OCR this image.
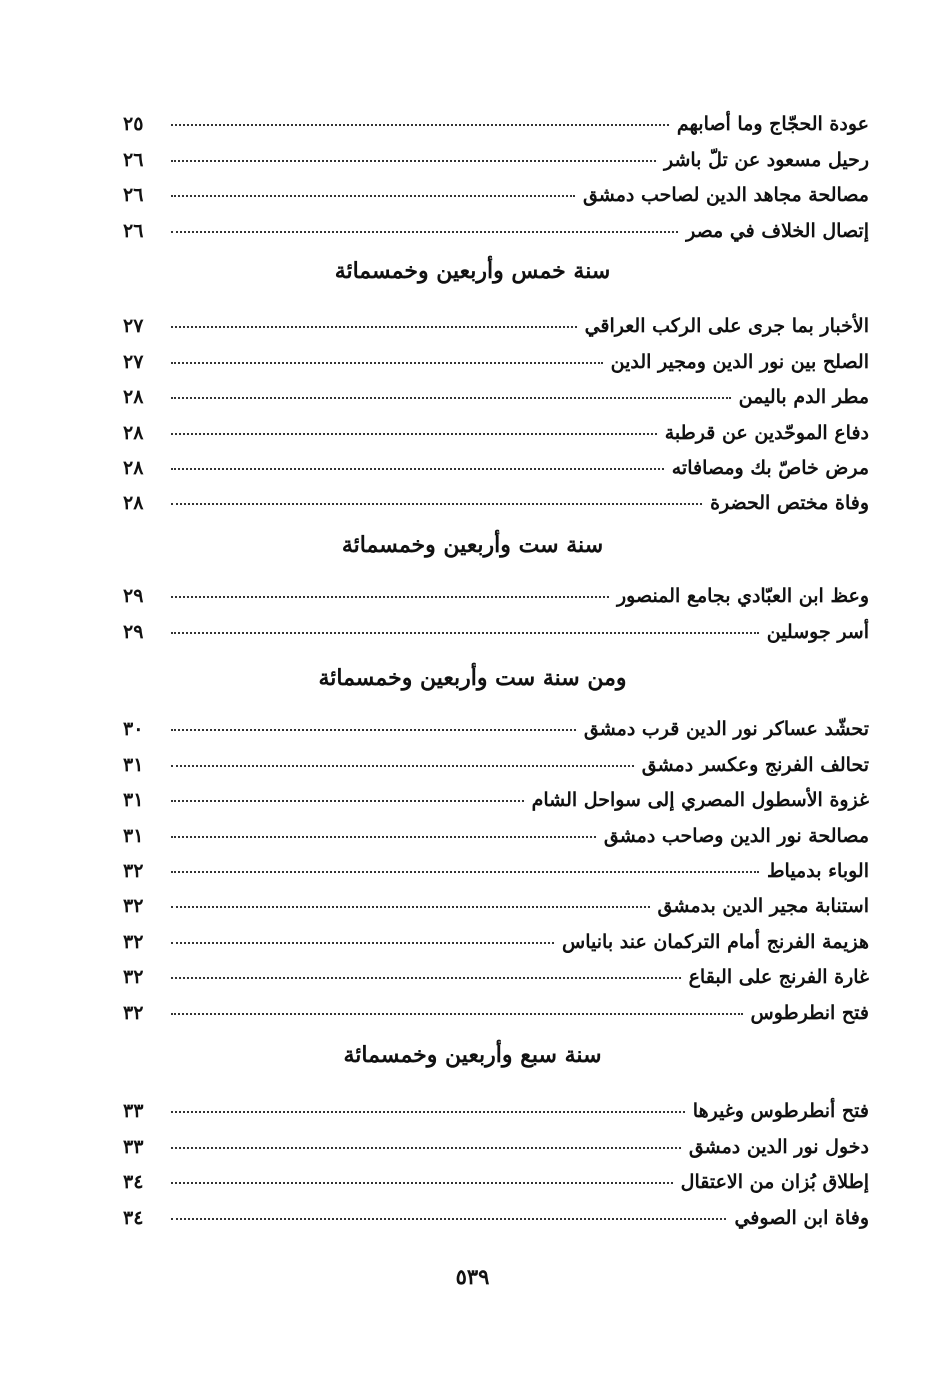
عودة الحجّاج وما أصابهم
٢٥
رحيل مسعود عن تلّ باشر
٢٦
مصالحة مجاهد الدين لصاحب دمشق
٢٦
إتصال الخلاف في مصر
٢٦
سنة خمس وأربعين وخمسمائة
الأخبار بما جرى على الركب العراقي
٢٧
الصلح بين نور الدين ومجير الدين
٢٧
مطر الدم باليمن
٢٨
دفاع الموحّدين عن قرطبة
٢٨
مرض خاصّ بك ومصافاته
٢٨
وفاة مختص الحضرة
٢٨
سنة ست وأربعين وخمسمائة
وعظ ابن العبّادي بجامع المنصور
٢٩
أسر جوسلين
٢٩
ومن سنة ست وأربعين وخمسمائة
تحشّد عساكر نور الدين قرب دمشق
٣٠
تحالف الفرنج وعكسر دمشق
٣١
غزوة الأسطول المصري إلى سواحل الشام
٣١
مصالحة نور الدين وصاحب دمشق
٣١
الوباء بدمياط
٣٢
استنابة مجير الدين بدمشق
٣٢
هزيمة الفرنج أمام التركمان عند بانياس
٣٢
غارة الفرنج على البقاع
٣٢
فتح انطرطوس
٣٢
سنة سبع وأربعين وخمسمائة
فتح أنطرطوس وغيرها
٣٣
دخول نور الدين دمشق
٣٣
إطلاق بُزان من الاعتقال
٣٤
وفاة ابن الصوفي
٣٤
٥٣٩
